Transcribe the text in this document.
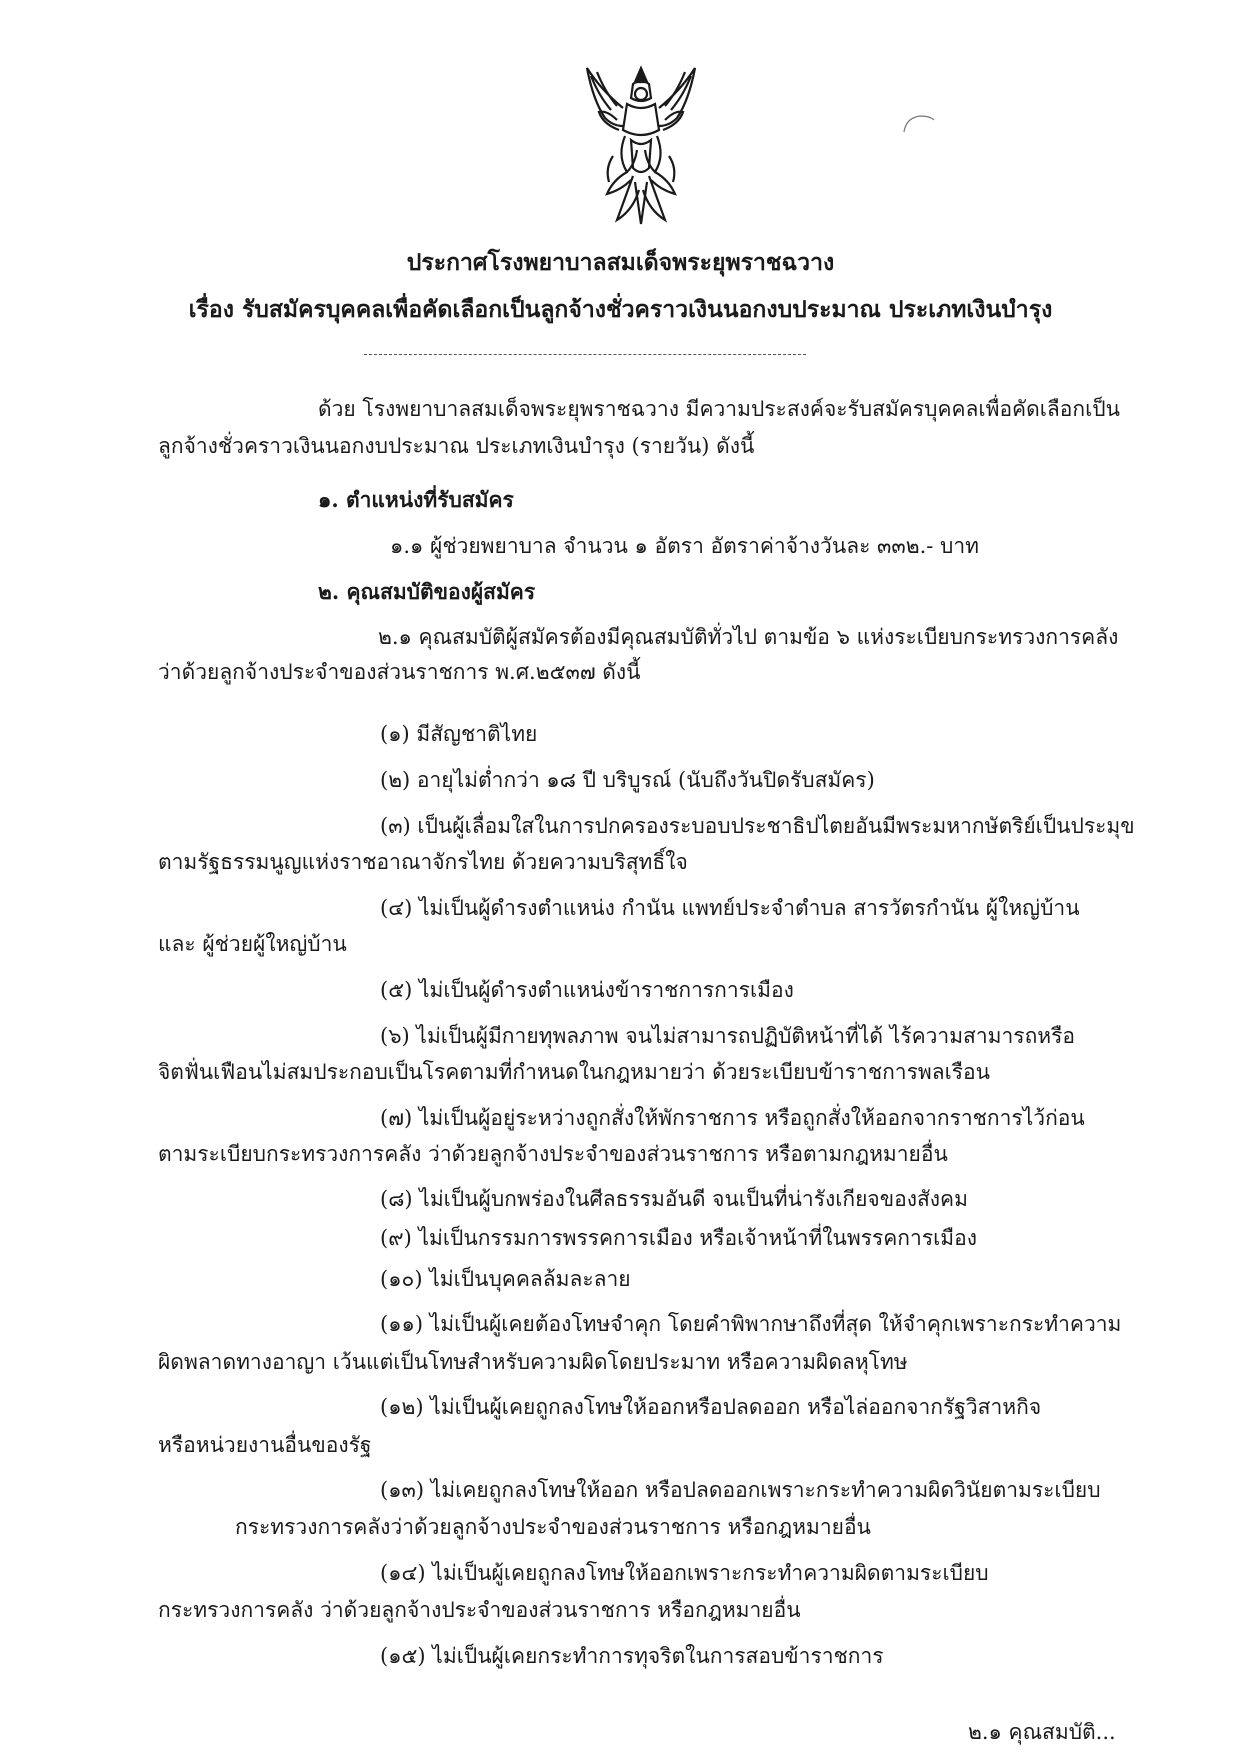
ประกาศโรงพยาบาลสมเด็จพระยุพราชฉวาง
เรื่อง รับสมัครบุคคลเพื่อคัดเลือกเป็นลูกจ้างชั่วคราวเงินนอกงบประมาณ ประเภทเงินบำรุง
ด้วย โรงพยาบาลสมเด็จพระยุพราชฉวาง มีความประสงค์จะรับสมัครบุคคลเพื่อคัดเลือกเป็น
ลูกจ้างชั่วคราวเงินนอกงบประมาณ ประเภทเงินบำรุง (รายวัน) ดังนี้
๑. ตำแหน่งที่รับสมัคร
๑.๑ ผู้ช่วยพยาบาล จำนวน ๑ อัตรา อัตราค่าจ้างวันละ ๓๓๒.- บาท
๒. คุณสมบัติของผู้สมัคร
๒.๑ คุณสมบัติผู้สมัครต้องมีคุณสมบัติทั่วไป ตามข้อ ๖ แห่งระเบียบกระทรวงการคลัง
ว่าด้วยลูกจ้างประจำของส่วนราชการ พ.ศ.๒๕๓๗ ดังนี้
(๑) มีสัญชาติไทย
(๒) อายุไม่ต่ำกว่า ๑๘ ปี บริบูรณ์ (นับถึงวันปิดรับสมัคร)
(๓) เป็นผู้เลื่อมใสในการปกครองระบอบประชาธิปไตยอันมีพระมหากษัตริย์เป็นประมุข
ตามรัฐธรรมนูญแห่งราชอาณาจักรไทย ด้วยความบริสุทธิ์ใจ
(๔) ไม่เป็นผู้ดำรงตำแหน่ง กำนัน แพทย์ประจำตำบล สารวัตรกำนัน ผู้ใหญ่บ้าน
และ ผู้ช่วยผู้ใหญ่บ้าน
(๕) ไม่เป็นผู้ดำรงตำแหน่งข้าราชการการเมือง
(๖) ไม่เป็นผู้มีกายทุพลภาพ จนไม่สามารถปฏิบัติหน้าที่ได้ ไร้ความสามารถหรือ
จิตฟั่นเฟือนไม่สมประกอบเป็นโรคตามที่กำหนดในกฎหมายว่า ด้วยระเบียบข้าราชการพลเรือน
(๗) ไม่เป็นผู้อยู่ระหว่างถูกสั่งให้พักราชการ หรือถูกสั่งให้ออกจากราชการไว้ก่อน
ตามระเบียบกระทรวงการคลัง ว่าด้วยลูกจ้างประจำของส่วนราชการ หรือตามกฎหมายอื่น
(๘) ไม่เป็นผู้บกพร่องในศีลธรรมอันดี จนเป็นที่น่ารังเกียจของสังคม
(๙) ไม่เป็นกรรมการพรรคการเมือง หรือเจ้าหน้าที่ในพรรคการเมือง
(๑๐) ไม่เป็นบุคคลล้มละลาย
(๑๑) ไม่เป็นผู้เคยต้องโทษจำคุก โดยคำพิพากษาถึงที่สุด ให้จำคุกเพราะกระทำความ
ผิดพลาดทางอาญา เว้นแต่เป็นโทษสำหรับความผิดโดยประมาท หรือความผิดลหุโทษ
(๑๒) ไม่เป็นผู้เคยถูกลงโทษให้ออกหรือปลดออก หรือไล่ออกจากรัฐวิสาหกิจ
หรือหน่วยงานอื่นของรัฐ
(๑๓) ไม่เคยถูกลงโทษให้ออก หรือปลดออกเพราะกระทำความผิดวินัยตามระเบียบ
กระทรวงการคลังว่าด้วยลูกจ้างประจำของส่วนราชการ หรือกฎหมายอื่น
(๑๔) ไม่เป็นผู้เคยถูกลงโทษให้ออกเพราะกระทำความผิดตามระเบียบ
กระทรวงการคลัง ว่าด้วยลูกจ้างประจำของส่วนราชการ หรือกฎหมายอื่น
(๑๕) ไม่เป็นผู้เคยกระทำการทุจริตในการสอบข้าราชการ
๒.๑ คุณสมบัติ...
